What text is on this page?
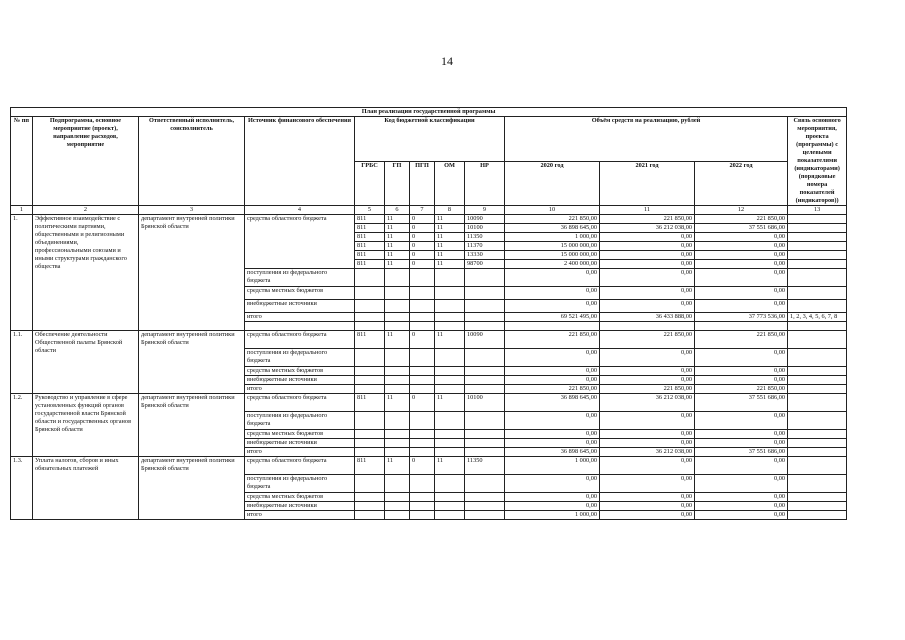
14
План реализации государственной программы												
№ пп	Подпрограмма, основное мероприятие (проект), направление расходов, мероприятие	Ответственный исполнитель, соисполнитель	Источник финансового обеспечения	Код бюджетной классификации					Объём средств на реализацию, рублей			Связь основного мероприятия, проекта (программы) с целевыми показателями (индикаторами) (порядковые номера показателей (индикаторов))
				ГРБС	ГП	ПГП	ОМ	НР	2020 год	2021 год	2022 год	
1	2	3	4	5	6	7	8	9	10	11	12	13
1.	Эффективное взаимодействие с политическими партиями, общественными и религиозными объединениями, профессиональными союзами и иными структурами гражданского общества	департамент внутренней политики Брянской области	средства областного бюджета	811	11	0	11	10090	221 850,00	221 850,00	221 850,00	
				811	11	0	11	10100	36 898 645,00	36 212 038,00	37 551 686,00	
				811	11	0	11	11350	1 000,00	0,00	0,00	
				811	11	0	11	11370	15 000 000,00	0,00	0,00	
				811	11	0	11	13330	15 000 000,00	0,00	0,00	
				811	11	0	11	98700	2 400 000,00	0,00	0,00	
			поступления из федерального бюджета						0,00	0,00	0,00	
			средства местных бюджетов						0,00	0,00	0,00	
			внебюджетные источники						0,00	0,00	0,00	
			итого						69 521 495,00	36 433 888,00	37 773 536,00	1, 2, 3, 4, 5, 6, 7, 8

1.1.	Обеспечение деятельности Общественной палаты Брянской области	департамент внутренней политики Брянской области	средства областного бюджета	811	11	0	11	10090	221 850,00	221 850,00	221 850,00	
			поступления из федерального бюджета						0,00	0,00	0,00	
			средства местных бюджетов						0,00	0,00	0,00	
			внебюджетные источники						0,00	0,00	0,00	
			итого						221 850,00	221 850,00	221 850,00	
1.2.	Руководство и управление в сфере установленных функций органов государственной власти Брянской области и государственных органов Брянской области	департамент внутренней политики Брянской области	средства областного бюджета	811	11	0	11	10100	36 898 645,00	36 212 038,00	37 551 686,00	
			поступления из федерального бюджета						0,00	0,00	0,00	
			средства местных бюджетов						0,00	0,00	0,00	
			внебюджетные источники						0,00	0,00	0,00	
			итого						36 898 645,00	36 212 038,00	37 551 686,00	
1.3.	Уплата налогов, сборов и иных обязательных платежей	департамент внутренней политики Брянской области	средства областного бюджета	811	11	0	11	11350	1 000,00	0,00	0,00	
			поступления из федерального бюджета						0,00	0,00	0,00	
			средства местных бюджетов						0,00	0,00	0,00	
			внебюджетные источники						0,00	0,00	0,00	
			итого						1 000,00	0,00	0,00	
